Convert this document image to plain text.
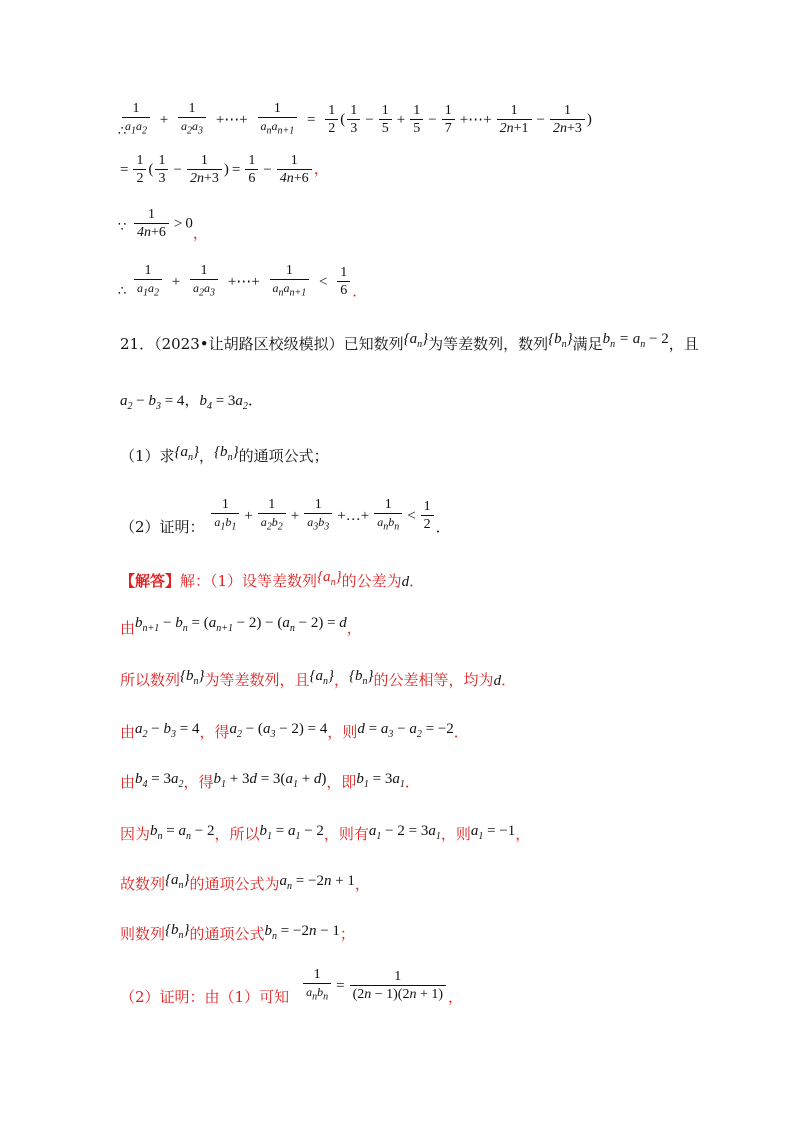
$\frac{1}{a_1a_2} + \frac{1}{a_2a_3}$ +⋯+ $\frac{1}{a_na_{n+1}} = \frac{1}{2}$ ( $\frac{1}{3} - \frac{1}{5} + \frac{1}{5} - \frac{1}{7}$ +⋯+ $\frac{1}{2n+1} - \frac{1}{2n+3}$ )
∴
= $\frac{1}{2}$ ( $\frac{1}{3} - \frac{1}{2n+3}$ ) = $\frac{1}{6} - \frac{1}{4n+6}$ ，
$\frac{1}{4n+6} > 0$，
∵
$\frac{1}{a_1a_2} + \frac{1}{a_2a_3}$ +⋯+ $\frac{1}{a_na_{n+1}} < \frac{1}{6}$ ．
∴
21．（2023•让胡路区校级模拟）已知数列$\{a_n\}$为等差数列，数列$\{b_n\}$满足$b_n = a_n - 2$，且
$a_2 - b_3 = 4$，$b_4 = 3a_2$．
（1）求$\{a_n\}$，$\{b_n\}$的通项公式；
（2）证明： $\frac{1}{a_1b_1} + \frac{1}{a_2b_2} + \frac{1}{a_3b_3}$ +…+ $\frac{1}{a_nb_n} < \frac{1}{2}$ ．
【解答】解：（1）设等差数列$\{a_n\}$的公差为d．
由$b_{n+1} - b_n = (a_{n+1} - 2) - (a_n - 2) = d$，
所以数列$\{b_n\}$为等差数列，且$\{a_n\}$，$\{b_n\}$的公差相等，均为d．
由$a_2 - b_3 = 4$，得$a_2 - (a_3 - 2) = 4$，则$d = a_3 - a_2 = -2$．
由$b_4 = 3a_2$，得$b_1 + 3d = 3(a_1 + d)$，即$b_1 = 3a_1$．
因为$b_n = a_n - 2$，所以$b_1 = a_1 - 2$，则有$a_1 - 2 = 3a_1$，则$a_1 = -1$，
故数列$\{a_n\}$的通项公式为$a_n = -2n + 1$，
则数列$\{b_n\}$的通项公式$b_n = -2n - 1$；
（2）证明：由（1）可知 $\frac{1}{a_nb_n} = \frac{1}{(2n - 1)(2n + 1)}$ ，
